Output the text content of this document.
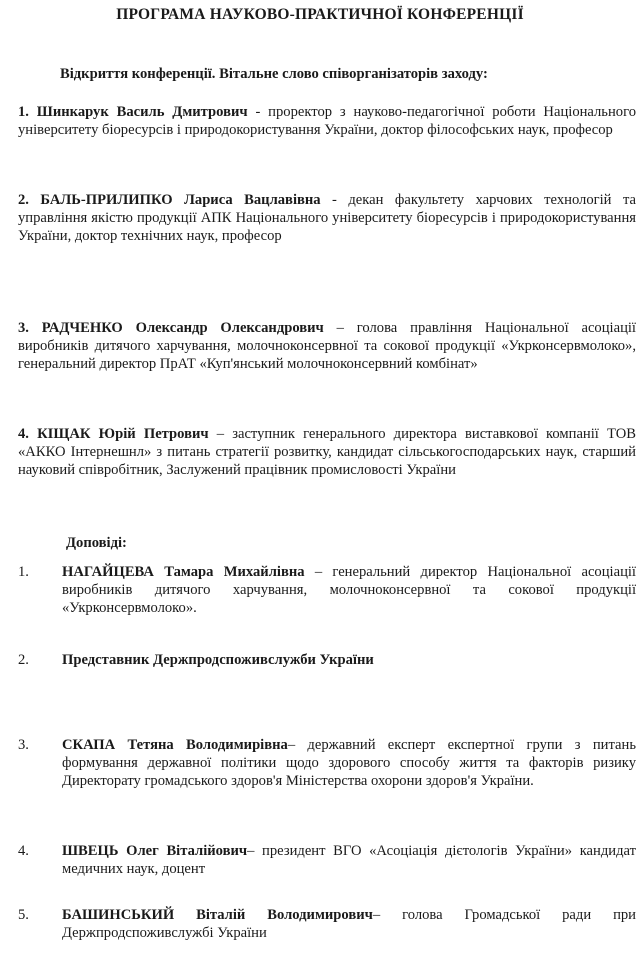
ПРОГРАМА НАУКОВО-ПРАКТИЧНОЇ КОНФЕРЕНЦІЇ
Відкриття конференції. Вітальне слово співорганізаторів заходу:
1. Шинкарук Василь Дмитрович - проректор з науково-педагогічної роботи Національного університету біоресурсів і природокористування України, доктор філософських наук, професор
2. БАЛЬ-ПРИЛИПКО Лариса Вацлавівна - декан факультету харчових технологій та управління якістю продукції АПК Національного університету біоресурсів і природокористування України, доктор технічних наук, професор
3. РАДЧЕНКО Олександр Олександрович – голова правління Національної асоціації виробників дитячого харчування, молочноконсервної та сокової продукції «Укрконсервмолоко», генеральний директор ПрАТ «Куп'янський молочноконсервний комбінат»
4. КІЩАК Юрій Петрович – заступник генерального директора виставкової компанії ТОВ «АККО Інтернешнл» з питань стратегії розвитку, кандидат сільськогосподарських наук, старший науковий співробітник, Заслужений працівник промисловості України
Доповіді:
1.	НАГАЙЦЕВА Тамара Михайлівна – генеральний директор Національної асоціації виробників дитячого харчування, молочноконсервної та сокової продукції «Укрконсервмолоко».
2.	Представник Держпродспоживслужби України
3.	СКАПА Тетяна Володимирівна– державний експерт експертної групи з питань формування державної політики щодо здорового способу життя та факторів ризику Директорату громадського здоров'я Міністерства охорони здоров'я України.
4.	ШВЕЦЬ Олег Віталійович– президент ВГО «Асоціація дієтологів України» кандидат медичних наук, доцент
5.	БАШИНСЬКИЙ Віталій Володимирович– голова Громадської ради при Держпродспоживслужбі України
